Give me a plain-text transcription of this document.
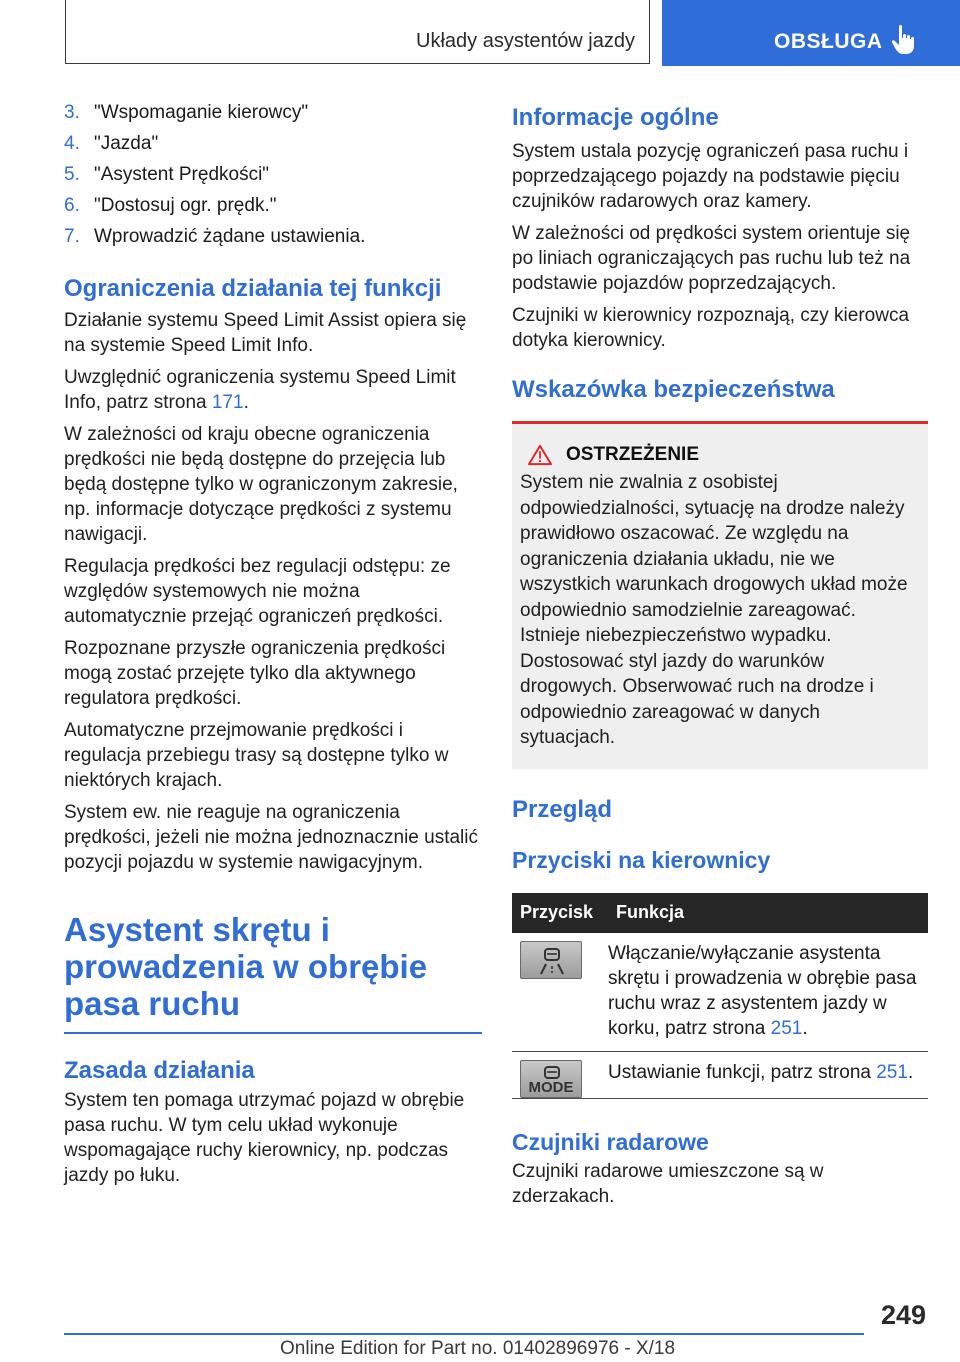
Układy asystentów jazdy	OBSŁUGA
3. "Wspomaganie kierowcy"
4. "Jazda"
5. "Asystent Prędkości"
6. "Dostosuj ogr. prędk."
7. Wprowadzić żądane ustawienia.
Ograniczenia działania tej funkcji

Działanie systemu Speed Limit Assist opiera się na systemie Speed Limit Info.

Uwzględnić ograniczenia systemu Speed Limit Info, patrz strona 171.

W zależności od kraju obecne ograniczenia prędkości nie będą dostępne do przejęcia lub będą dostępne tylko w ograniczonym zakresie, np. informacje dotyczące prędkości z systemu nawigacji.

Regulacja prędkości bez regulacji odstępu: ze względów systemowych nie można automatycznie przejąć ograniczeń prędkości.

Rozpoznane przyszłe ograniczenia prędkości mogą zostać przejęte tylko dla aktywnego regulatora prędkości.

Automatyczne przejmowanie prędkości i regulacja przebiegu trasy są dostępne tylko w niektórych krajach.

System ew. nie reaguje na ograniczenia prędkości, jeżeli nie można jednoznacznie ustalić pozycji pojazdu w systemie nawigacyjnym.

Asystent skrętu i
prowadzenia w obrębie
pasa ruchu
Zasada działania

System ten pomaga utrzymać pojazd w obrębie pasa ruchu. W tym celu układ wykonuje wspomagające ruchy kierownicy, np. podczas jazdy po łuku.

Informacje ogólne

System ustala pozycję ograniczeń pasa ruchu i poprzedzającego pojazdy na podstawie pięciu czujników radarowych oraz kamery.

W zależności od prędkości system orientuje się po liniach ograniczających pas ruchu lub też na podstawie pojazdów poprzedzających.

Czujniki w kierownicy rozpoznają, czy kierowca dotyka kierownicy.

Wskazówka bezpieczeństwa
OSTRZEŻENIE

System nie zwalnia z osobistej odpowiedzialności, sytuację na drodze należy prawidłowo oszacować. Ze względu na ograniczenia działania układu, nie we wszystkich warunkach drogowych układ może odpowiednio samodzielnie zareagować. Istnieje niebezpieczeństwo wypadku. Dostosować styl jazdy do warunków drogowych. Obserwować ruch na drodze i odpowiednio zareagować w danych sytuacjach.

Przegląd
Przyciski na kierownicy
Przycisk	Funkcja

	Włączanie/wyłączanie asystenta skrętu i prowadzenia w obrębie pasa ruchu wraz z asystentem jazdy w korku, patrz strona 251.

MODE	Ustawianie funkcji, patrz strona 251.
Czujniki radarowe

Czujniki radarowe umieszczone są w zderzakach.

249
Online Edition for Part no. 01402896976 - X/18
